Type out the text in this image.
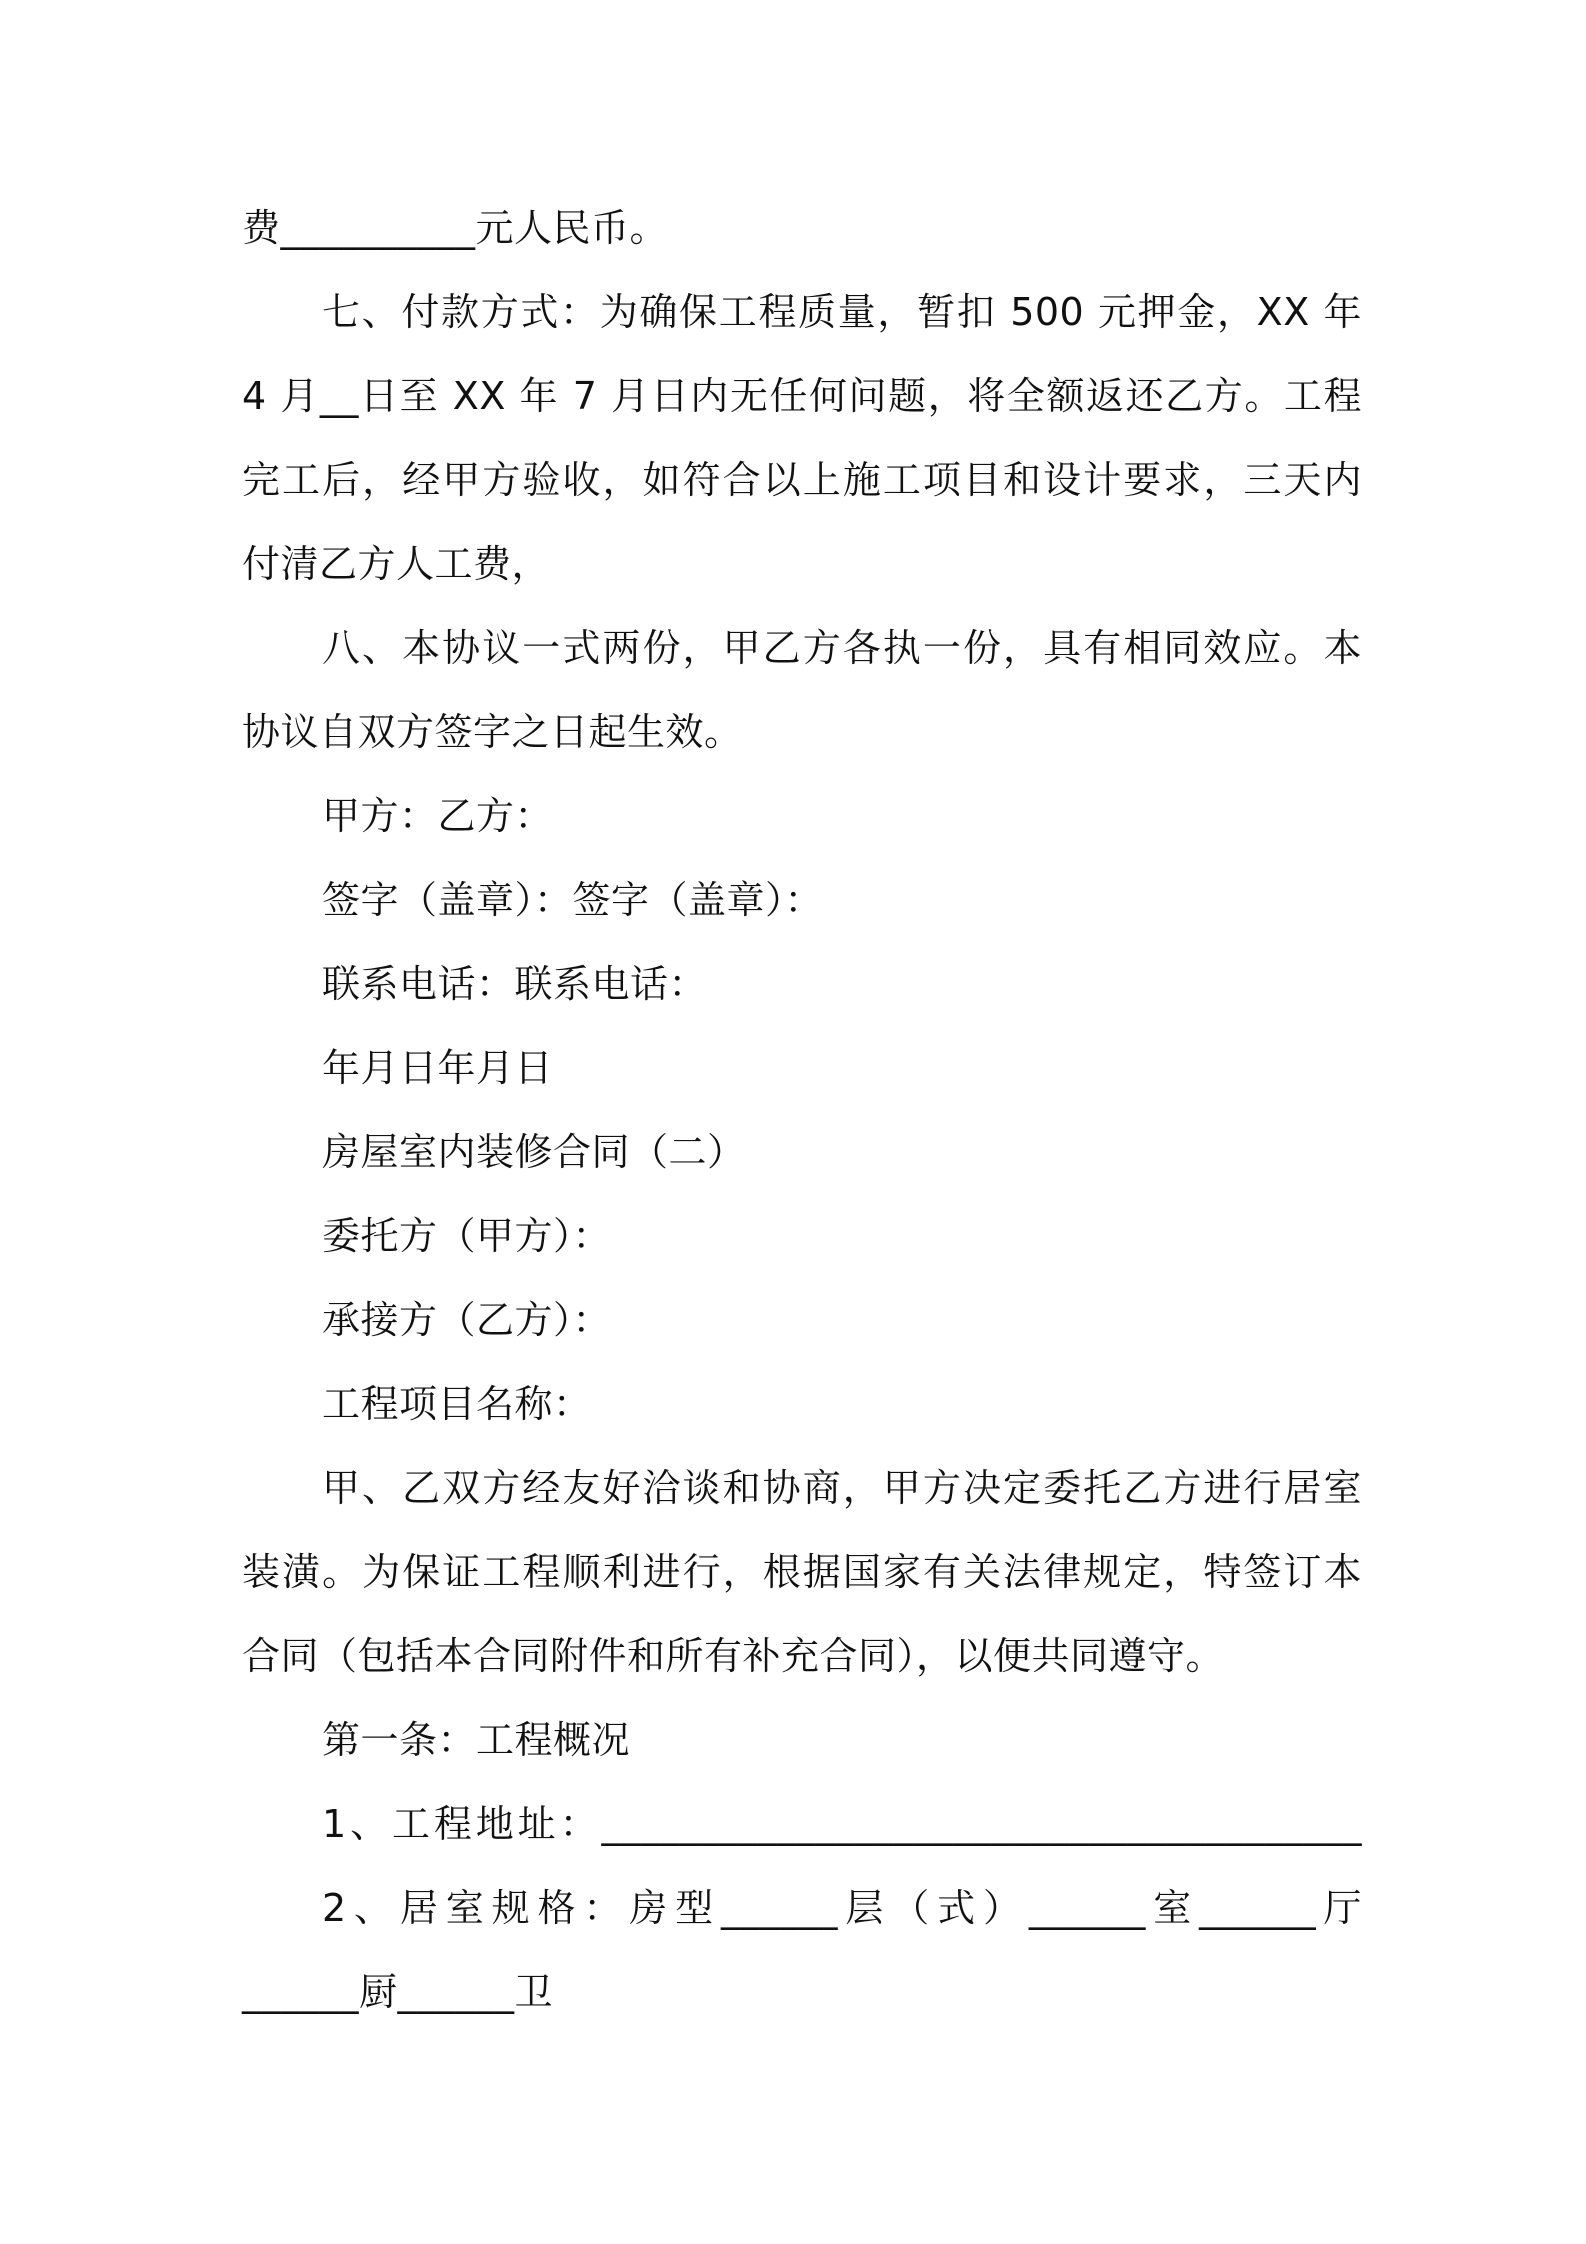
费__________元人民币。
七、付款方式：为确保工程质量，暂扣 500 元押金，XX 年
4 月__日至 XX 年 7 月日内无任何问题，将全额返还乙方。工程
完工后，经甲方验收，如符合以上施工项目和设计要求，三天内
付清乙方人工费，
八、本协议一式两份，甲乙方各执一份，具有相同效应。本
协议自双方签字之日起生效。
甲方：乙方：
签字（盖章）：签字（盖章）：
联系电话：联系电话：
年月日年月日
房屋室内装修合同（二）
委托方（甲方）：
承接方（乙方）：
工程项目名称：
甲、乙双方经友好洽谈和协商，甲方决定委托乙方进行居室
装潢。为保证工程顺利进行，根据国家有关法律规定，特签订本
合同（包括本合同附件和所有补充合同），以便共同遵守。
第一条：工程概况
1、工程地址：_______________________________________
2、居室规格：房型______层（式）______室______厅
______厨______卫
